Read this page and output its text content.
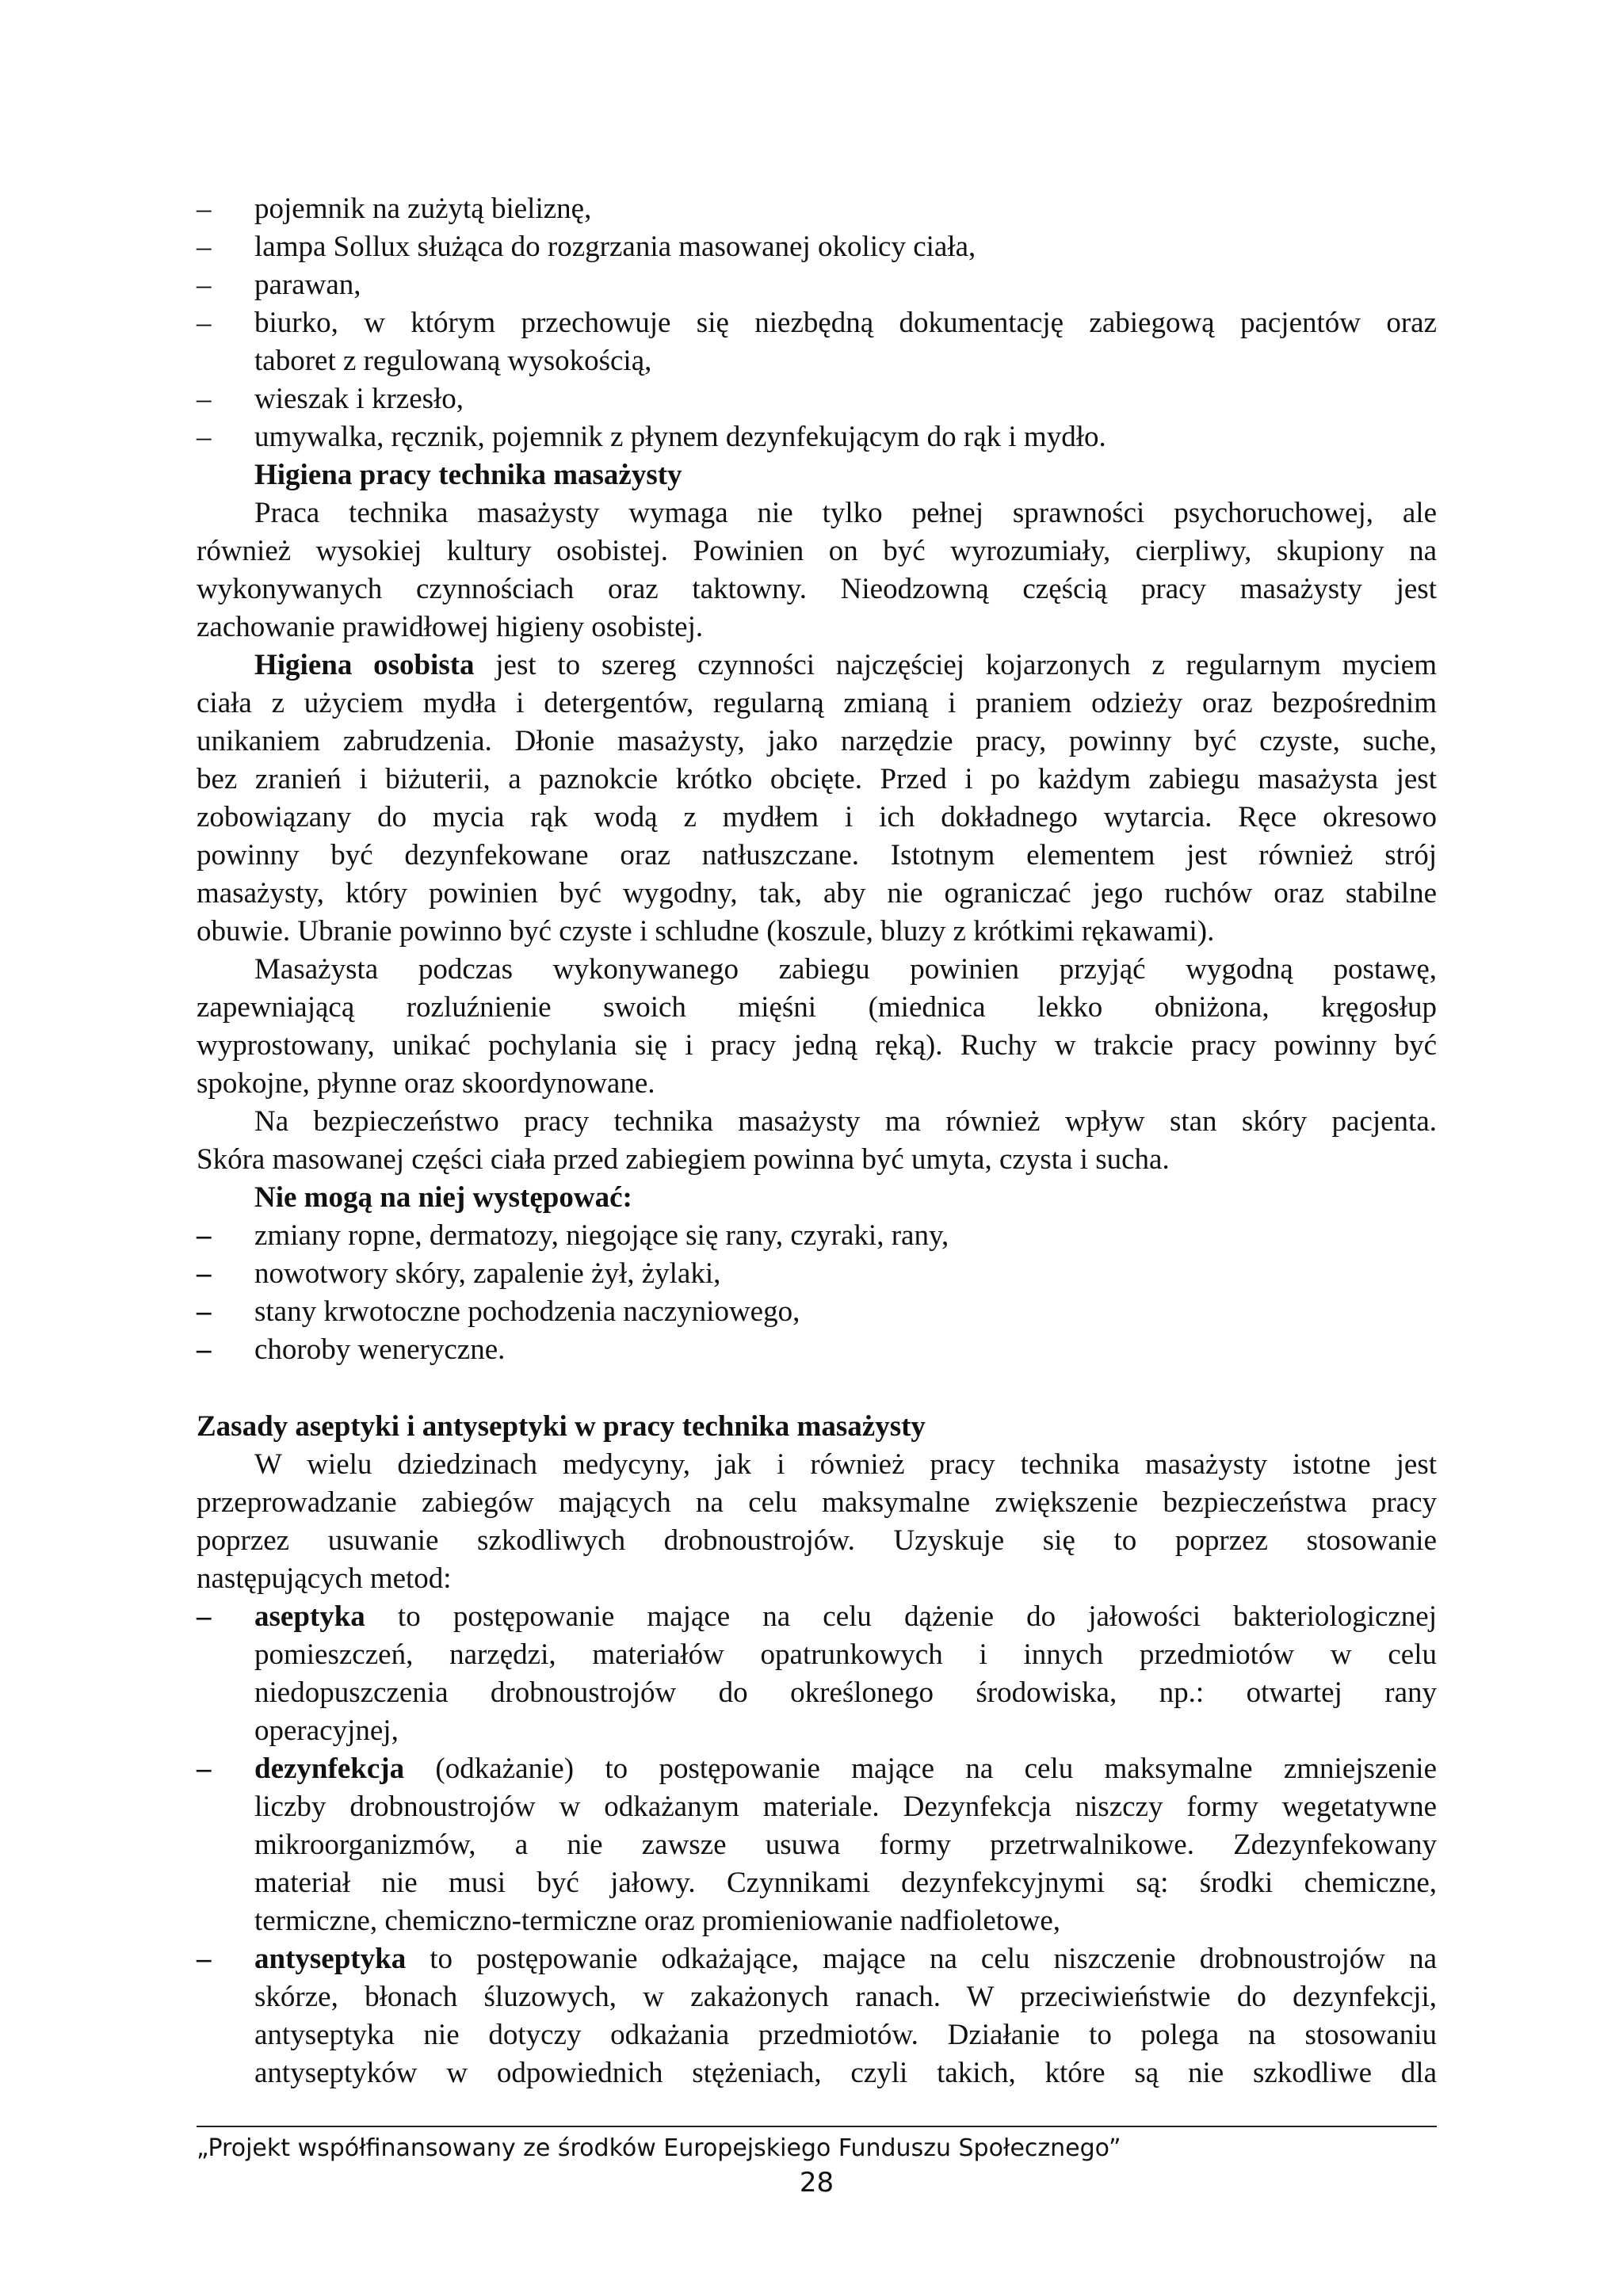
– pojemnik na zużytą bieliznę,
– lampa Sollux służąca do rozgrzania masowanej okolicy ciała,
– parawan,
– biurko, w którym przechowuje się niezbędną dokumentację zabiegową pacjentów oraz
taboret z regulowaną wysokością,
– wieszak i krzesło,
– umywalka, ręcznik, pojemnik z płynem dezynfekującym do rąk i mydło.
Higiena pracy technika masażysty
Praca technika masażysty wymaga nie tylko pełnej sprawności psychoruchowej, ale
również wysokiej kultury osobistej. Powinien on być wyrozumiały, cierpliwy, skupiony na
wykonywanych czynnościach oraz taktowny. Nieodzowną częścią pracy masażysty jest
zachowanie prawidłowej higieny osobistej.
Higiena osobista jest to szereg czynności najczęściej kojarzonych z regularnym myciem
ciała z użyciem mydła i detergentów, regularną zmianą i praniem odzieży oraz bezpośrednim
unikaniem zabrudzenia. Dłonie masażysty, jako narzędzie pracy, powinny być czyste, suche,
bez zranień i biżuterii, a paznokcie krótko obcięte. Przed i po każdym zabiegu masażysta jest
zobowiązany do mycia rąk wodą z mydłem i ich dokładnego wytarcia. Ręce okresowo
powinny być dezynfekowane oraz natłuszczane. Istotnym elementem jest również strój
masażysty, który powinien być wygodny, tak, aby nie ograniczać jego ruchów oraz stabilne
obuwie. Ubranie powinno być czyste i schludne (koszule, bluzy z krótkimi rękawami).
Masażysta podczas wykonywanego zabiegu powinien przyjąć wygodną postawę,
zapewniającą rozluźnienie swoich mięśni (miednica lekko obniżona, kręgosłup
wyprostowany, unikać pochylania się i pracy jedną ręką). Ruchy w trakcie pracy powinny być
spokojne, płynne oraz skoordynowane.
Na bezpieczeństwo pracy technika masażysty ma również wpływ stan skóry pacjenta.
Skóra masowanej części ciała przed zabiegiem powinna być umyta, czysta i sucha.
Nie mogą na niej występować:
– zmiany ropne, dermatozy, niegojące się rany, czyraki, rany,
– nowotwory skóry, zapalenie żył, żylaki,
– stany krwotoczne pochodzenia naczyniowego,
– choroby weneryczne.
Zasady aseptyki i antyseptyki w pracy technika masażysty
W wielu dziedzinach medycyny, jak i również pracy technika masażysty istotne jest
przeprowadzanie zabiegów mających na celu maksymalne zwiększenie bezpieczeństwa pracy
poprzez usuwanie szkodliwych drobnoustrojów. Uzyskuje się to poprzez stosowanie
następujących metod:
– aseptyka to postępowanie mające na celu dążenie do jałowości bakteriologicznej
pomieszczeń, narzędzi, materiałów opatrunkowych i innych przedmiotów w celu
niedopuszczenia drobnoustrojów do określonego środowiska, np.: otwartej rany
operacyjnej,
– dezynfekcja (odkażanie) to postępowanie mające na celu maksymalne zmniejszenie
liczby drobnoustrojów w odkażanym materiale. Dezynfekcja niszczy formy wegetatywne
mikroorganizmów, a nie zawsze usuwa formy przetrwalnikowe. Zdezynfekowany
materiał nie musi być jałowy. Czynnikami dezynfekcyjnymi są: środki chemiczne,
termiczne, chemiczno-termiczne oraz promieniowanie nadfioletowe,
– antyseptyka to postępowanie odkażające, mające na celu niszczenie drobnoustrojów na
skórze, błonach śluzowych, w zakażonych ranach. W przeciwieństwie do dezynfekcji,
antyseptyka nie dotyczy odkażania przedmiotów. Działanie to polega na stosowaniu
antyseptyków w odpowiednich stężeniach, czyli takich, które są nie szkodliwe dla
„Projekt współfinansowany ze środków Europejskiego Funduszu Społecznego”
28
